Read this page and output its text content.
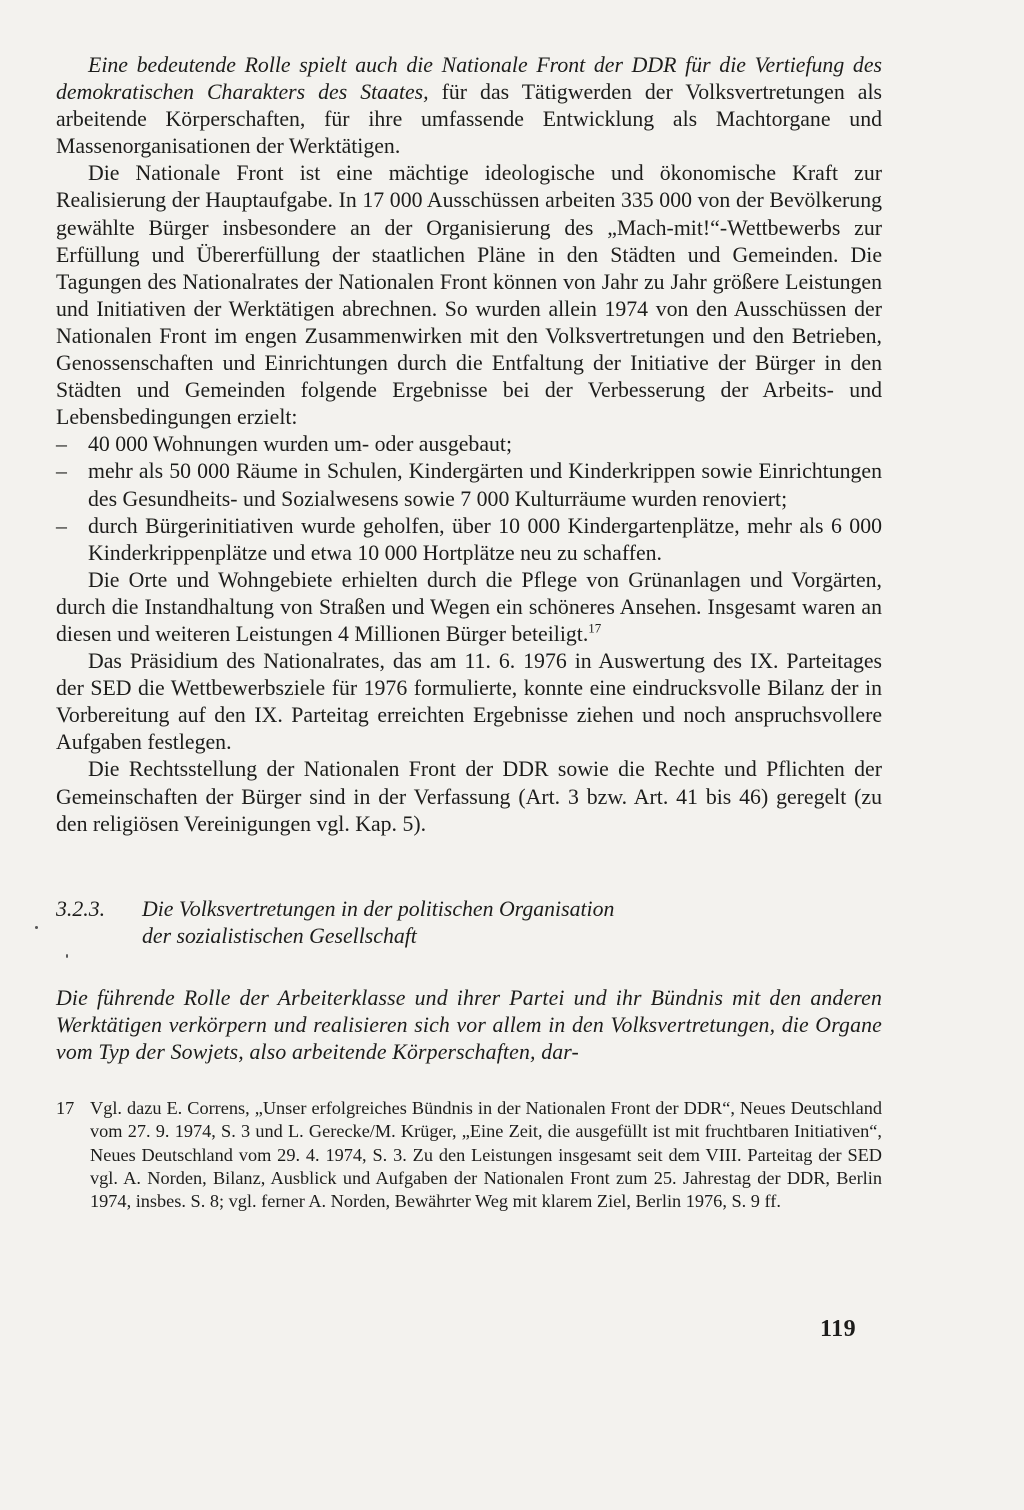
Eine bedeutende Rolle spielt auch die Nationale Front der DDR für die Vertiefung des demokratischen Charakters des Staates, für das Tätigwerden der Volksvertretungen als arbeitende Körperschaften, für ihre umfassende Entwicklung als Machtorgane und Massenorganisationen der Werktätigen.

Die Nationale Front ist eine mächtige ideologische und ökonomische Kraft zur Realisierung der Hauptaufgabe. In 17 000 Ausschüssen arbeiten 335 000 von der Bevölkerung gewählte Bürger insbesondere an der Organisierung des „Mach-mit!“-Wettbewerbs zur Erfüllung und Übererfüllung der staatlichen Pläne in den Städten und Gemeinden. Die Tagungen des Nationalrates der Nationalen Front können von Jahr zu Jahr größere Leistungen und Initiativen der Werktätigen abrechnen. So wurden allein 1974 von den Ausschüssen der Nationalen Front im engen Zusammenwirken mit den Volksvertretungen und den Betrieben, Genossenschaften und Einrichtungen durch die Entfaltung der Initiative der Bürger in den Städten und Gemeinden folgende Ergebnisse bei der Verbesserung der Arbeits- und Lebensbedingungen erzielt:

– 40 000 Wohnungen wurden um- oder ausgebaut;
– mehr als 50 000 Räume in Schulen, Kindergärten und Kinderkrippen sowie Einrichtungen des Gesundheits- und Sozialwesens sowie 7 000 Kulturräume wurden renoviert;
– durch Bürgerinitiativen wurde geholfen, über 10 000 Kindergartenplätze, mehr als 6 000 Kinderkrippenplätze und etwa 10 000 Hortplätze neu zu schaffen.

Die Orte und Wohngebiete erhielten durch die Pflege von Grünanlagen und Vorgärten, durch die Instandhaltung von Straßen und Wegen ein schöneres Ansehen. Insgesamt waren an diesen und weiteren Leistungen 4 Millionen Bürger beteiligt.$^{17}$

Das Präsidium des Nationalrates, das am 11. 6. 1976 in Auswertung des IX. Parteitages der SED die Wettbewerbsziele für 1976 formulierte, konnte eine eindrucksvolle Bilanz der in Vorbereitung auf den IX. Parteitag erreichten Ergebnisse ziehen und noch anspruchsvollere Aufgaben festlegen.

Die Rechtsstellung der Nationalen Front der DDR sowie die Rechte und Pflichten der Gemeinschaften der Bürger sind in der Verfassung (Art. 3 bzw. Art. 41 bis 46) geregelt (zu den religiösen Vereinigungen vgl. Kap. 5).

3.2.3.	Die Volksvertretungen in der politischen Organisation
der sozialistischen Gesellschaft

Die führende Rolle der Arbeiterklasse und ihrer Partei und ihr Bündnis mit den anderen Werktätigen verkörpern und realisieren sich vor allem in den Volksvertretungen, die Organe vom Typ der Sowjets, also arbeitende Körperschaften, dar-

17 Vgl. dazu E. Correns, „Unser erfolgreiches Bündnis in der Nationalen Front der DDR“, Neues Deutschland vom 27. 9. 1974, S. 3 und L. Gerecke/M. Krüger, „Eine Zeit, die ausgefüllt ist mit fruchtbaren Initiativen“, Neues Deutschland vom 29. 4. 1974, S. 3. Zu den Leistungen insgesamt seit dem VIII. Parteitag der SED vgl. A. Norden, Bilanz, Ausblick und Aufgaben der Nationalen Front zum 25. Jahrestag der DDR, Berlin 1974, insbes. S. 8; vgl. ferner A. Norden, Bewährter Weg mit klarem Ziel, Berlin 1976, S. 9 ff.
119
